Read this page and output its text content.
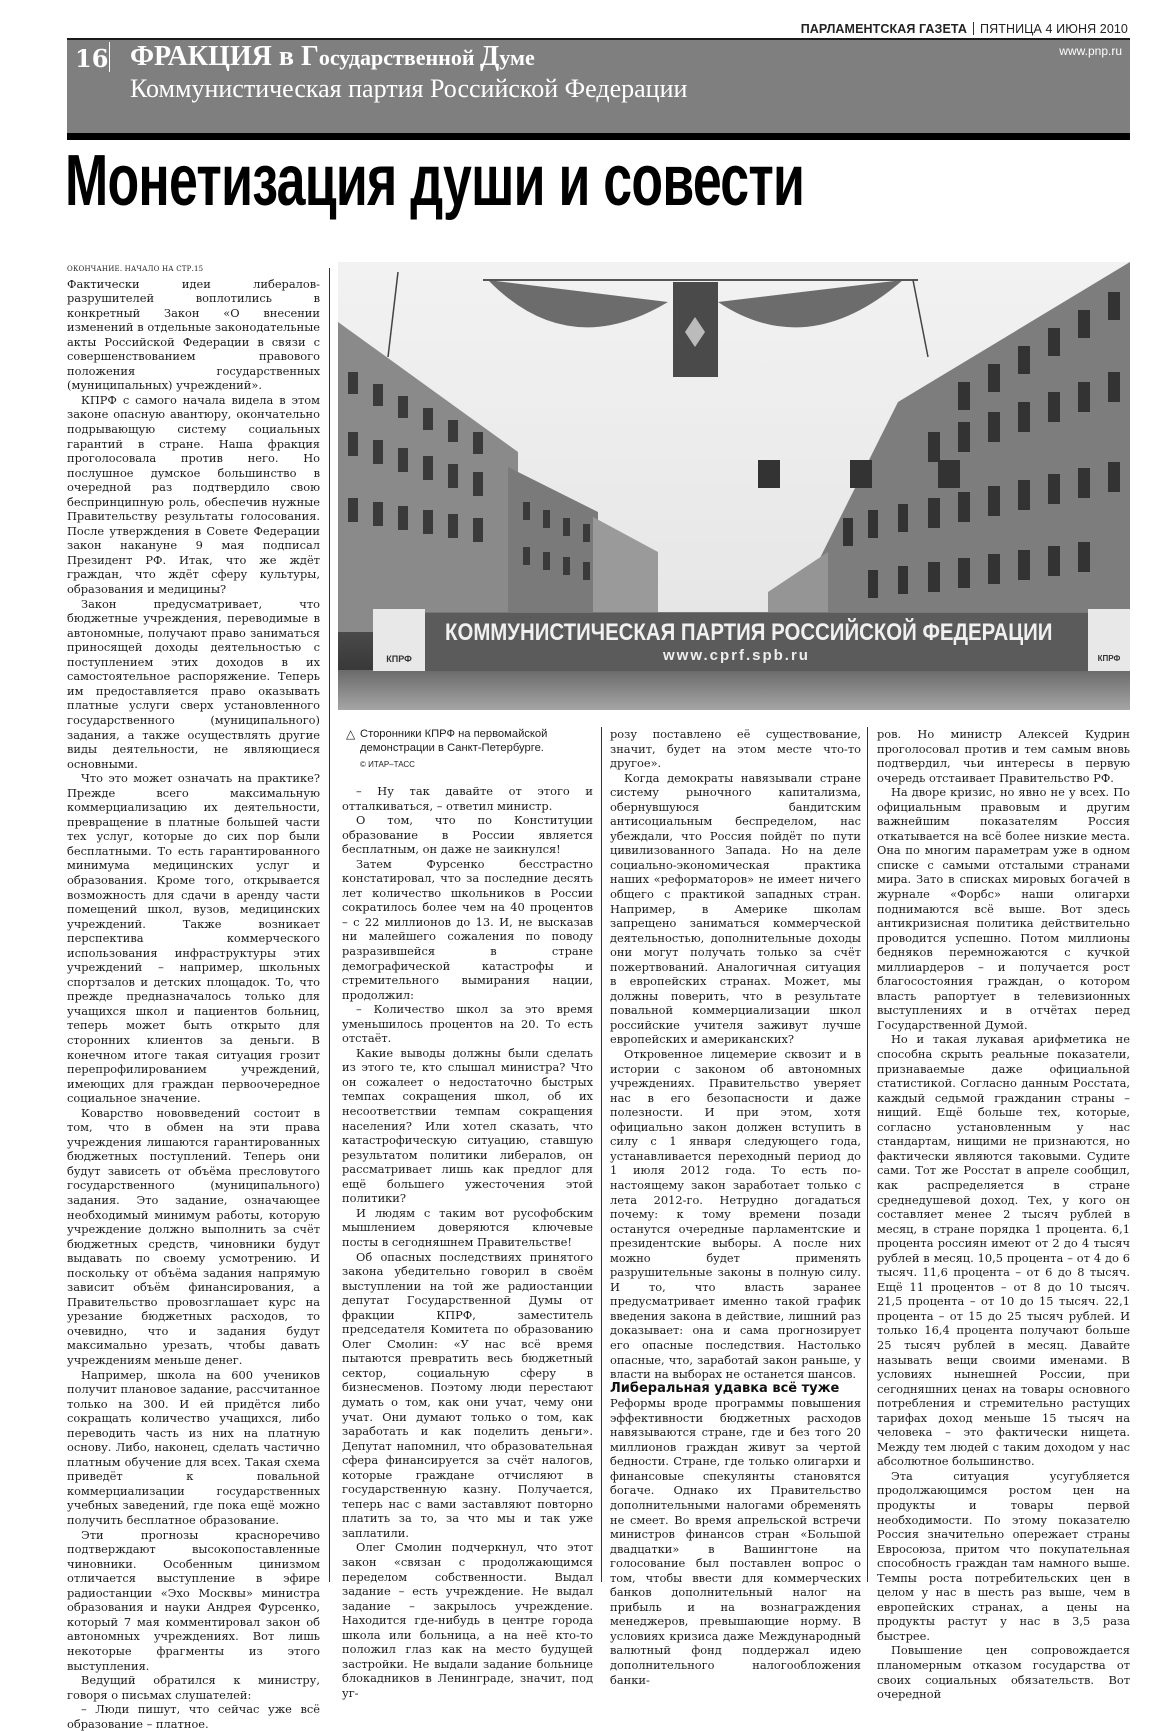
ПАРЛАМЕНТСКАЯ ГАЗЕТА ПЯТНИЦА 4 ИЮНЯ 2010
16 ФРАКЦИЯ в Государственной Думе
Коммунистическая партия Российской Федерации
www.pnp.ru
Монетизация души и совести
КПРФ
КОММУНИСТИЧЕСКАЯ ПАРТИЯ РОССИЙСКОЙ ФЕДЕРАЦИИ
www.cprf.spb.ru	КПРФ
△ Сторонники КПРФ на первомайской демонстрации в Санкт-Петербурге.
© ИТАР–ТАСС

ОКОНЧАНИЕ. НАЧАЛО НА СТР.15

Фактически идеи либералов-разрушителей воплотились в конкретный Закон «О внесении изменений в отдельные законодательные акты Российской Федерации в связи с совершенствованием правового положения государственных (муниципальных) учреждений».

КПРФ с самого начала видела в этом законе опасную авантюру, окончательно подрывающую систему социальных гарантий в стране. Наша фракция проголосовала против него. Но послушное думское большинство в очередной раз подтвердило свою беспринципную роль, обеспечив нужные Правительству результаты голосования. После утверждения в Совете Федерации закон накануне 9 мая подписал Президент РФ. Итак, что же ждёт граждан, что ждёт сферу культуры, образования и медицины?

Закон предусматривает, что бюджетные учреждения, переводимые в автономные, получают право заниматься приносящей доходы деятельностью с поступлением этих доходов в их самостоятельное распоряжение. Теперь им предоставляется право оказывать платные услуги сверх установленного государственного (муниципального) задания, а также осуществлять другие виды деятельности, не являющиеся основными.

Что это может означать на практике? Прежде всего максимальную коммерциализацию их деятельности, превращение в платные большей части тех услуг, которые до сих пор были бесплатными. То есть гарантированного минимума медицинских услуг и образования. Кроме того, открывается возможность для сдачи в аренду части помещений школ, вузов, медицинских учреждений. Также возникает перспектива коммерческого использования инфраструктуры этих учреждений – например, школьных спортзалов и детских площадок. То, что прежде предназначалось только для учащихся школ и пациентов больниц, теперь может быть открыто для сторонних клиентов за деньги. В конечном итоге такая ситуация грозит перепрофилированием учреждений, имеющих для граждан первоочередное социальное значение.

Коварство нововведений состоит в том, что в обмен на эти права учреждения лишаются гарантированных бюджетных поступлений. Теперь они будут зависеть от объёма пресловутого государственного (муниципального) задания. Это задание, означающее необходимый минимум работы, которую учреждение должно выполнить за счёт бюджетных средств, чиновники будут выдавать по своему усмотрению. И поскольку от объёма задания напрямую зависит объём финансирования, а Правительство провозглашает курс на урезание бюджетных расходов, то очевидно, что и задания будут максимально урезать, чтобы давать учреждениям меньше денег.

Например, школа на 600 учеников получит плановое задание, рассчитанное только на 300. И ей придётся либо сокращать количество учащихся, либо переводить часть из них на платную основу. Либо, наконец, сделать частично платным обучение для всех. Такая схема приведёт к повальной коммерциализации государственных учебных заведений, где пока ещё можно получить бесплатное образование.

Эти прогнозы красноречиво подтверждают высокопоставленные чиновники. Особенным цинизмом отличается выступление в эфире радиостанции «Эхо Москвы» министра образования и науки Андрея Фурсенко, который 7 мая комментировал закон об автономных учреждениях. Вот лишь некоторые фрагменты из этого выступления.

Ведущий обратился к министру, говоря о письмах слушателей:

– Люди пишут, что сейчас уже всё образование – платное.

– Ну так давайте от этого и отталкиваться, – ответил министр.

О том, что по Конституции образование в России является бесплатным, он даже не заикнулся!

Затем Фурсенко бесстрастно констатировал, что за последние десять лет количество школьников в России сократилось более чем на 40 процентов – с 22 миллионов до 13. И, не высказав ни малейшего сожаления по поводу разразившейся в стране демографической катастрофы и стремительного вымирания нации, продолжил:

– Количество школ за это время уменьшилось процентов на 20. То есть отстаёт.

Какие выводы должны были сделать из этого те, кто слышал министра? Что он сожалеет о недостаточно быстрых темпах сокращения школ, об их несоответствии темпам сокращения населения? Или хотел сказать, что катастрофическую ситуацию, ставшую результатом политики либералов, он рассматривает лишь как предлог для ещё большего ужесточения этой политики?

И людям с таким вот русофобским мышлением доверяются ключевые посты в сегодняшнем Правительстве!

Об опасных последствиях принятого закона убедительно говорил в своём выступлении на той же радиостанции депутат Государственной Думы от фракции КПРФ, заместитель председателя Комитета по образованию Олег Смолин: «У нас всё время пытаются превратить весь бюджетный сектор, социальную сферу в бизнесменов. Поэтому люди перестают думать о том, как они учат, чему они учат. Они думают только о том, как заработать и как поделить деньги». Депутат напомнил, что образовательная сфера финансируется за счёт налогов, которые граждане отчисляют в государственную казну. Получается, теперь нас с вами заставляют повторно платить за то, за что мы и так уже заплатили.

Олег Смолин подчеркнул, что этот закон «связан с продолжающимся переделом собственности. Выдал задание – есть учреждение. Не выдал задание – закрылось учреждение. Находится где-нибудь в центре города школа или больница, а на неё кто-то положил глаз как на место будущей застройки. Не выдали задание больнице блокадников в Ленинграде, значит, под уг-

розу поставлено её существование, значит, будет на этом месте что-то другое».

Когда демократы навязывали стране систему рыночного капитализма, обернувшуюся бандитским антисоциальным беспределом, нас убеждали, что Россия пойдёт по пути цивилизованного Запада. Но на деле социально-экономическая практика наших «реформаторов» не имеет ничего общего с практикой западных стран. Например, в Америке школам запрещено заниматься коммерческой деятельностью, дополнительные доходы они могут получать только за счёт пожертвований. Аналогичная ситуация в европейских странах. Может, мы должны поверить, что в результате повальной коммерциализации школ российские учителя заживут лучше европейских и американских?

Откровенное лицемерие сквозит и в истории с законом об автономных учреждениях. Правительство уверяет нас в его безопасности и даже полезности. И при этом, хотя официально закон должен вступить в силу с 1 января следующего года, устанавливается переходный период до 1 июля 2012 года. То есть по-настоящему закон заработает только с лета 2012-го. Нетрудно догадаться почему: к тому времени позади останутся очередные парламентские и президентские выборы. А после них можно будет применять разрушительные законы в полную силу. И то, что власть заранее предусматривает именно такой график введения закона в действие, лишний раз доказывает: она и сама прогнозирует его опасные последствия. Настолько опасные, что, заработай закон раньше, у власти на выборах не останется шансов.

Либеральная удавка всё туже

Реформы вроде программы повышения эффективности бюджетных расходов навязываются стране, где и без того 20 миллионов граждан живут за чертой бедности. Стране, где только олигархи и финансовые спекулянты становятся богаче. Однако их Правительство дополнительными налогами обременять не смеет. Во время апрельской встречи министров финансов стран «Большой двадцатки» в Вашингтоне на голосование был поставлен вопрос о том, чтобы ввести для коммерческих банков дополнительный налог на прибыль и на вознаграждения менеджеров, превышающие норму. В условиях кризиса даже Международный валютный фонд поддержал идею дополнительного налогообложения банки-

ров. Но министр Алексей Кудрин проголосовал против и тем самым вновь подтвердил, чьи интересы в первую очередь отстаивает Правительство РФ.

На дворе кризис, но явно не у всех. По официальным правовым и другим важнейшим показателям Россия откатывается на всё более низкие места. Она по многим параметрам уже в одном списке с самыми отсталыми странами мира. Зато в списках мировых богачей в журнале «Форбс» наши олигархи поднимаются всё выше. Вот здесь антикризисная политика действительно проводится успешно. Потом миллионы бедняков перемножаются с кучкой миллиардеров – и получается рост благосостояния граждан, о котором власть рапортует в телевизионных выступлениях и в отчётах перед Государственной Думой.

Но и такая лукавая арифметика не способна скрыть реальные показатели, признаваемые даже официальной статистикой. Согласно данным Росстата, каждый седьмой гражданин страны – нищий. Ещё больше тех, которые, согласно установленным у нас стандартам, нищими не признаются, но фактически являются таковыми. Судите сами. Тот же Росстат в апреле сообщил, как распределяется в стране среднедушевой доход. Тех, у кого он составляет менее 2 тысяч рублей в месяц, в стране порядка 1 процента. 6,1 процента россиян имеют от 2 до 4 тысяч рублей в месяц. 10,5 процента – от 4 до 6 тысяч. 11,6 процента – от 6 до 8 тысяч. Ещё 11 процентов – от 8 до 10 тысяч. 21,5 процента – от 10 до 15 тысяч. 22,1 процента – от 15 до 25 тысяч рублей. И только 16,4 процента получают больше 25 тысяч рублей в месяц. Давайте называть вещи своими именами. В условиях нынешней России, при сегодняшних ценах на товары основного потребления и стремительно растущих тарифах доход меньше 15 тысяч на человека – это фактически нищета. Между тем людей с таким доходом у нас абсолютное большинство.

Эта ситуация усугубляется продолжающимся ростом цен на продукты и товары первой необходимости. По этому показателю Россия значительно опережает страны Евросоюза, притом что покупательная способность граждан там намного выше. Темпы роста потребительских цен в целом у нас в шесть раз выше, чем в европейских странах, а цены на продукты растут у нас в 3,5 раза быстрее.

Повышение цен сопровождается планомерным отказом государства от своих социальных обязательств. Вот очередной
